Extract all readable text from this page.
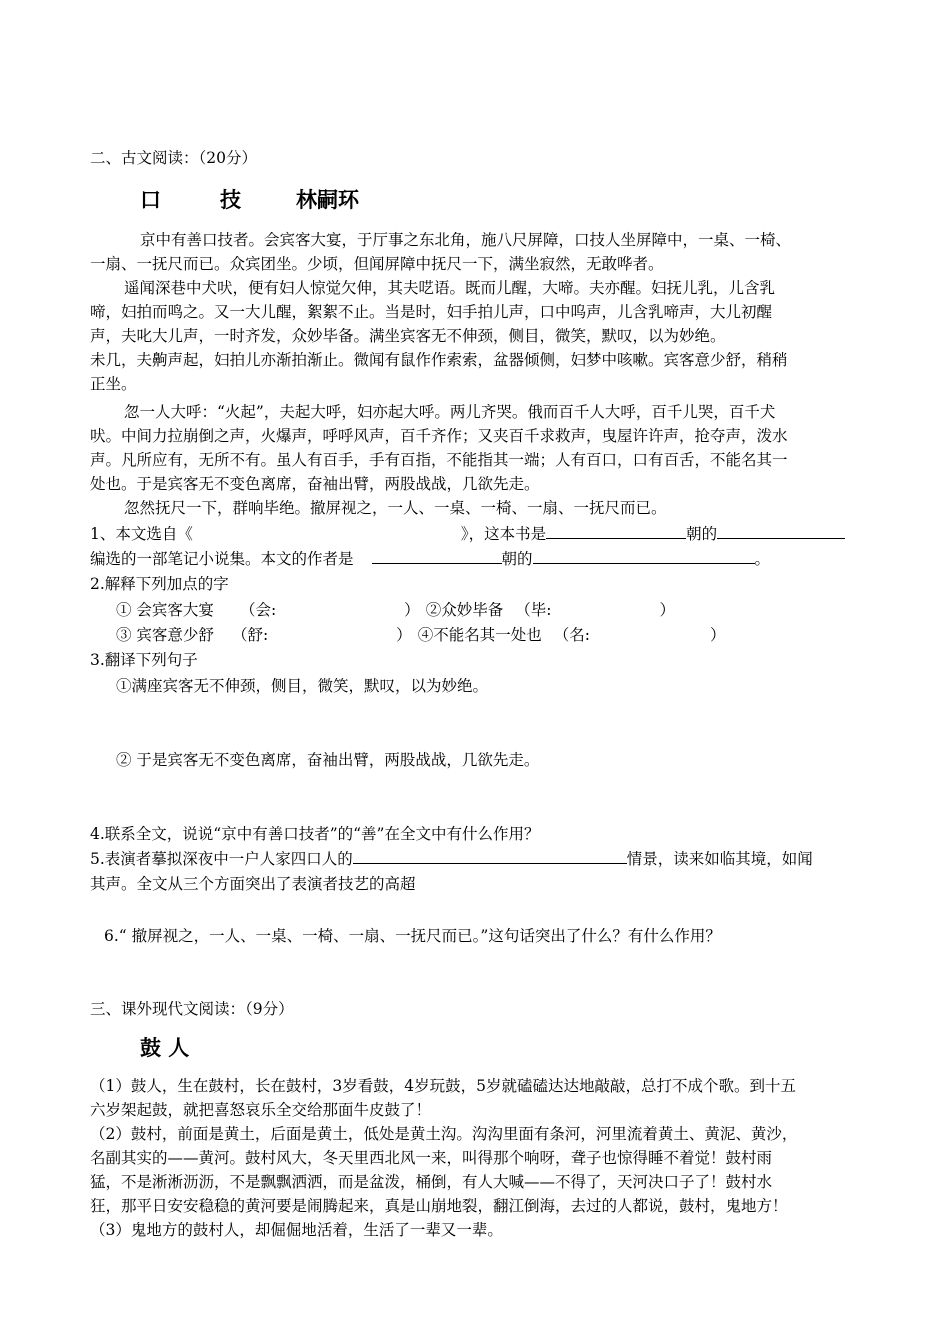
二、古文阅读：（20分）
口	技	林嗣环
京中有善口技者。会宾客大宴，于厅事之东北角，施八尺屏障，口技人坐屏障中，一桌、一椅、
一扇、一抚尺而已。众宾团坐。少顷，但闻屏障中抚尺一下，满坐寂然，无敢哗者。
遥闻深巷中犬吠，便有妇人惊觉欠伸，其夫呓语。既而儿醒，大啼。夫亦醒。妇抚儿乳，儿含乳
啼，妇拍而鸣之。又一大儿醒，絮絮不止。当是时，妇手拍儿声，口中呜声，儿含乳啼声，大儿初醒
声，夫叱大儿声，一时齐发，众妙毕备。满坐宾客无不伸颈，侧目，微笑，默叹，以为妙绝。
未几，夫齁声起，妇拍儿亦渐拍渐止。微闻有鼠作作索索，盆器倾侧，妇梦中咳嗽。宾客意少舒，稍稍
正坐。
忽一人大呼：“火起”，夫起大呼，妇亦起大呼。两儿齐哭。俄而百千人大呼，百千儿哭，百千犬
吠。中间力拉崩倒之声，火爆声，呼呼风声，百千齐作；又夹百千求救声，曳屋许许声，抢夺声，泼水
声。凡所应有，无所不有。虽人有百手，手有百指，不能指其一端；人有百口，口有百舌，不能名其一
处也。于是宾客无不变色离席，奋袖出臂，两股战战，几欲先走。
忽然抚尺一下，群响毕绝。撤屏视之，一人、一桌、一椅、一扇、一抚尺而已。
1、本文选自《	》，这本书是	朝的
编选的一部笔记小说集。本文的作者是	朝的	。
2.解释下列加点的字
① 会宾客大宴 （会:	） ②众妙毕备 （毕:	）
③ 宾客意少舒 （舒:	） ④不能名其一处也 （名:	）
3.翻译下列句子
①满座宾客无不伸颈，侧目，微笑，默叹，以为妙绝。
② 于是宾客无不变色离席，奋袖出臂，两股战战，几欲先走。
4.联系全文，说说“京中有善口技者”的“善”在全文中有什么作用？
5.表演者摹拟深夜中一户人家四口人的	情景，读来如临其境，如闻
其声。全文从三个方面突出了表演者技艺的高超
6.“ 撤屏视之，一人、一桌、一椅、一扇、一抚尺而已。”这句话突出了什么？有什么作用？
三、课外现代文阅读：（9分）
鼓 人
（1）鼓人，生在鼓村，长在鼓村，3岁看鼓，4岁玩鼓，5岁就磕磕达达地敲敲，总打不成个歌。到十五
六岁架起鼓，就把喜怒哀乐全交给那面牛皮鼓了！
（2）鼓村，前面是黄土，后面是黄土，低处是黄土沟。沟沟里面有条河，河里流着黄土、黄泥、黄沙，
名副其实的——黄河。鼓村风大，冬天里西北风一来，叫得那个响呀，聋子也惊得睡不着觉！鼓村雨
猛，不是淅淅沥沥，不是飘飘洒洒，而是盆泼，桶倒，有人大喊——不得了，天河决口子了！鼓村水
狂，那平日安安稳稳的黄河要是闹腾起来，真是山崩地裂，翻江倒海，去过的人都说，鼓村，鬼地方！
（3）鬼地方的鼓村人，却倔倔地活着，生活了一辈又一辈。
